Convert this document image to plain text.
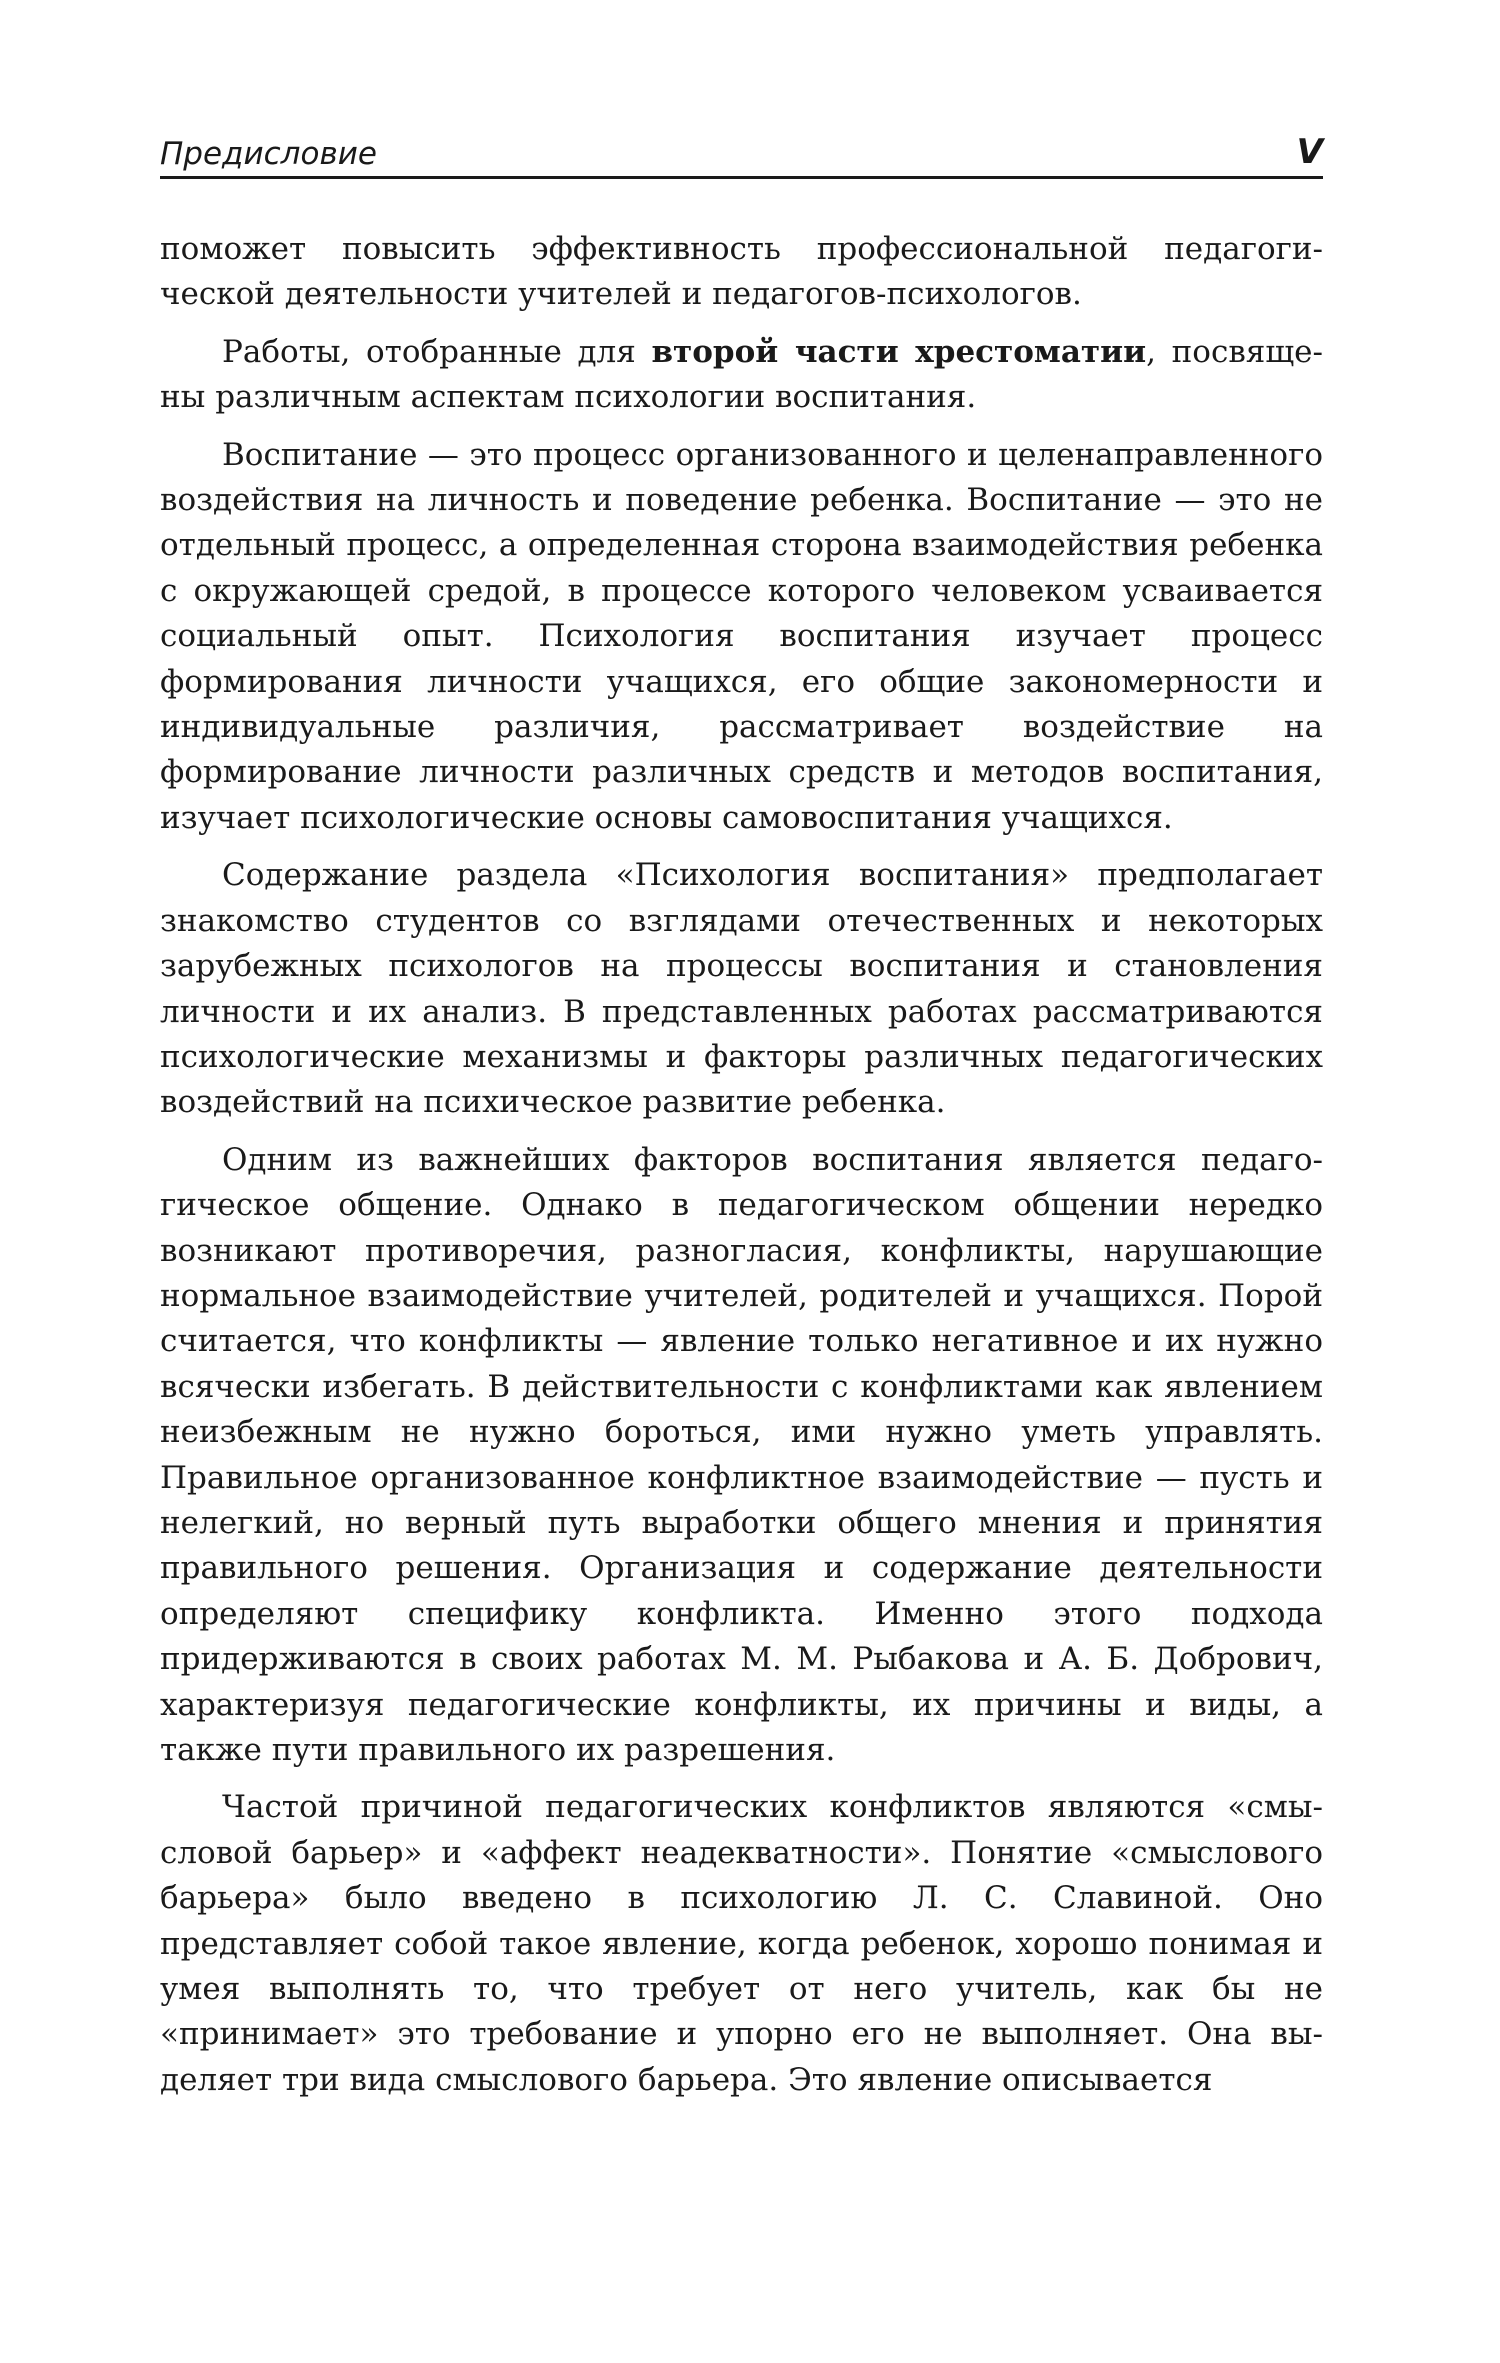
Предисловие	V

поможет повысить эффективность профессиональной педагогической деятельности учителей и педагогов-психологов.

Работы, отобранные для второй части хрестоматии, посвящены различным аспектам психологии воспитания.

Воспитание — это процесс организованного и целенаправленного воздействия на личность и поведение ребенка. Воспитание — это не отдельный процесс, а определенная сторона взаимодействия ребенка с окружающей средой, в процессе которого человеком усваивается социальный опыт. Психология воспитания изучает процесс формирования личности учащихся, его общие закономерности и индивидуальные различия, рассматривает воздействие на формирование личности различных средств и методов воспитания, изучает психологические основы самовоспитания учащихся.

Содержание раздела «Психология воспитания» предполагает знакомство студентов со взглядами отечественных и некоторых зарубежных психологов на процессы воспитания и становления личности и их анализ. В представленных работах рассматриваются психологические механизмы и факторы различных педагогических воздействий на психическое развитие ребенка.

Одним из важнейших факторов воспитания является педагогическое общение. Однако в педагогическом общении нередко возникают противоречия, разногласия, конфликты, нарушающие нормальное взаимодействие учителей, родителей и учащихся. Порой считается, что конфликты — явление только негативное и их нужно всячески избегать. В действительности с конфликтами как явлением неизбежным не нужно бороться, ими нужно уметь управлять. Правильное организованное конфликтное взаимодействие — пусть и нелегкий, но верный путь выработки общего мнения и принятия правильного решения. Организация и содержание деятельности определяют специфику конфликта. Именно этого подхода придерживаются в своих работах М. М. Рыбакова и А. Б. Добрович, характеризуя педагогические конфликты, их причины и виды, а также пути правильного их разрешения.

Частой причиной педагогических конфликтов являются «смысловой барьер» и «аффект неадекватности». Понятие «смыслового барьера» было введено в психологию Л. С. Славиной. Оно представляет собой такое явление, когда ребенок, хорошо понимая и умея выполнять то, что требует от него учитель, как бы не «принимает» это требование и упорно его не выполняет. Она выделяет три вида смыслового барьера. Это явление описывается
